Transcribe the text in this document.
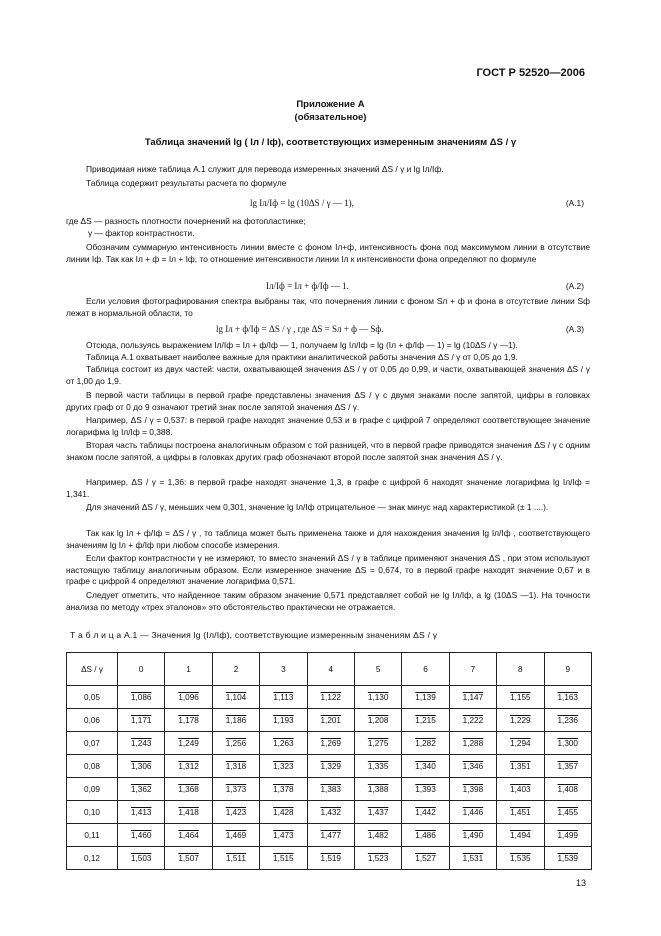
ГОСТ Р 52520—2006
Приложение А
(обязательное)
Таблица значений lg ( Iл / Iф), соответствующих измеренным значениям ΔS / γ
Приводимая ниже таблица А.1 служит для перевода измеренных значений ΔS / γ и lg Iл/Iф.
Таблица содержит результаты расчета по формуле
lg Iл/Iф = lg (10ΔS / γ — 1),	(А.1)
где ΔS — разность плотности почернений на фотопластинке;
γ — фактор контрастности.
Обозначим суммарную интенсивность линии вместе с фоном Iл+ф, интенсивность фона под максимумом линии в отсутствие линии Iф. Так как Iл + ф = Iл + Iф, то отношение интенсивности линии Iл к интенсивности фона определяют по формуле
Iл/Iф = Iл + ф/Iф — 1.	(А.2)
Если условия фотографирования спектра выбраны так, что почернения линии с фоном Sл + ф и фона в отсутствие линии Sф лежат в нормальной области, то
lg Iл + ф/Iф = ΔS / γ , где ΔS = Sл + ф — Sф.	(А.3)
Отсюда, пользуясь выражением Iл/Iф = Iл + ф/Iф — 1, получаем lg Iл/Iф = lg (Iл + ф/Iф — 1) = lg (10ΔS / γ —1).
Таблица А.1 охватывает наиболее важные для практики аналитической работы значения ΔS / γ от 0,05 до 1,9.
Таблица состоит из двух частей: части, охватывающей значения ΔS / γ от 0,05 до 0,99, и части, охватывающей значения ΔS / γ от 1,00 до 1,9.
В первой части таблицы в первой графе представлены значения ΔS / γ с двумя знаками после запятой, цифры в головках других граф от 0 до 9 означают третий знак после запятой значения ΔS / γ.
Например, ΔS / γ = 0,537: в первой графе находят значение 0,53 и в графе с цифрой 7 определяют соответствующее значение логарифма lg Iл/Iф = 0,388.
Вторая часть таблицы построена аналогичным образом с той разницей, что в первой графе приводятся значения ΔS / γ с одним знаком после запятой, а цифры в головках других граф обозначают второй после запятой знак значения ΔS / γ.
Например, ΔS / γ = 1,36: в первой графе находят значение 1,3, в графе с цифрой 6 находят значение логарифма lg Iл/Iф = 1,341.
Для значений ΔS / γ, меньших чем 0,301, значение lg Iл/Iф отрицательное — знак минус над характеристикой (± 1 ....).
Так как lg Iл + ф/Iф = ΔS / γ , то таблица может быть применена также и для нахождения значения lg Iл/Iф , соответствующего значениям lg Iл + ф/Iф при любом способе измерения.
Если фактор контрастности γ не измеряют, то вместо значений ΔS / γ в таблице применяют значения ΔS , при этом используют настоящую таблицу аналогичным образом. Если измеренное значение ΔS = 0,674, то в первой графе находят значение 0,67 и в графе с цифрой 4 определяют значение логарифма 0,571.
Следует отметить, что найденное таким образом значение 0,571 представляет собой не lg Iл/Iф, а lg (10ΔS —1). На точности анализа по методу «трех эталонов» это обстоятельство практически не отражается.
Т а б л и ц а А.1 — Значения lg (Iл/Iф), соответствующие измеренным значениям ΔS / γ
ΔS / γ	0	1	2	3	4	5	6	7	8	9
0,05	1,086	1,096	1,104	1,113	1,122	1,130	1,139	1,147	1,155	1,163
0,06	1,171	1,178	1,186	1,193	1,201	1,208	1,215	1,222	1,229	1,236
0,07	1,243	1,249	1,256	1,263	1,269	1,275	1,282	1,288	1,294	1,300
0,08	1,306	1,312	1,318	1,323	1,329	1,335	1,340	1,346	1,351	1,357
0,09	1,362	1,368	1,373	1,378	1,383	1,388	1,393	1,398	1,403	1,408
0,10	1,413	1,418	1,423	1,428	1,432	1,437	1,442	1,446	1,451	1,455
0,11	1,460	1,464	1,469	1,473	1,477	1,482	1,486	1,490	1,494	1,499
0,12	1,503	1,507	1,511	1,515	1,519	1,523	1,527	1,531	1,535	1,539
13
